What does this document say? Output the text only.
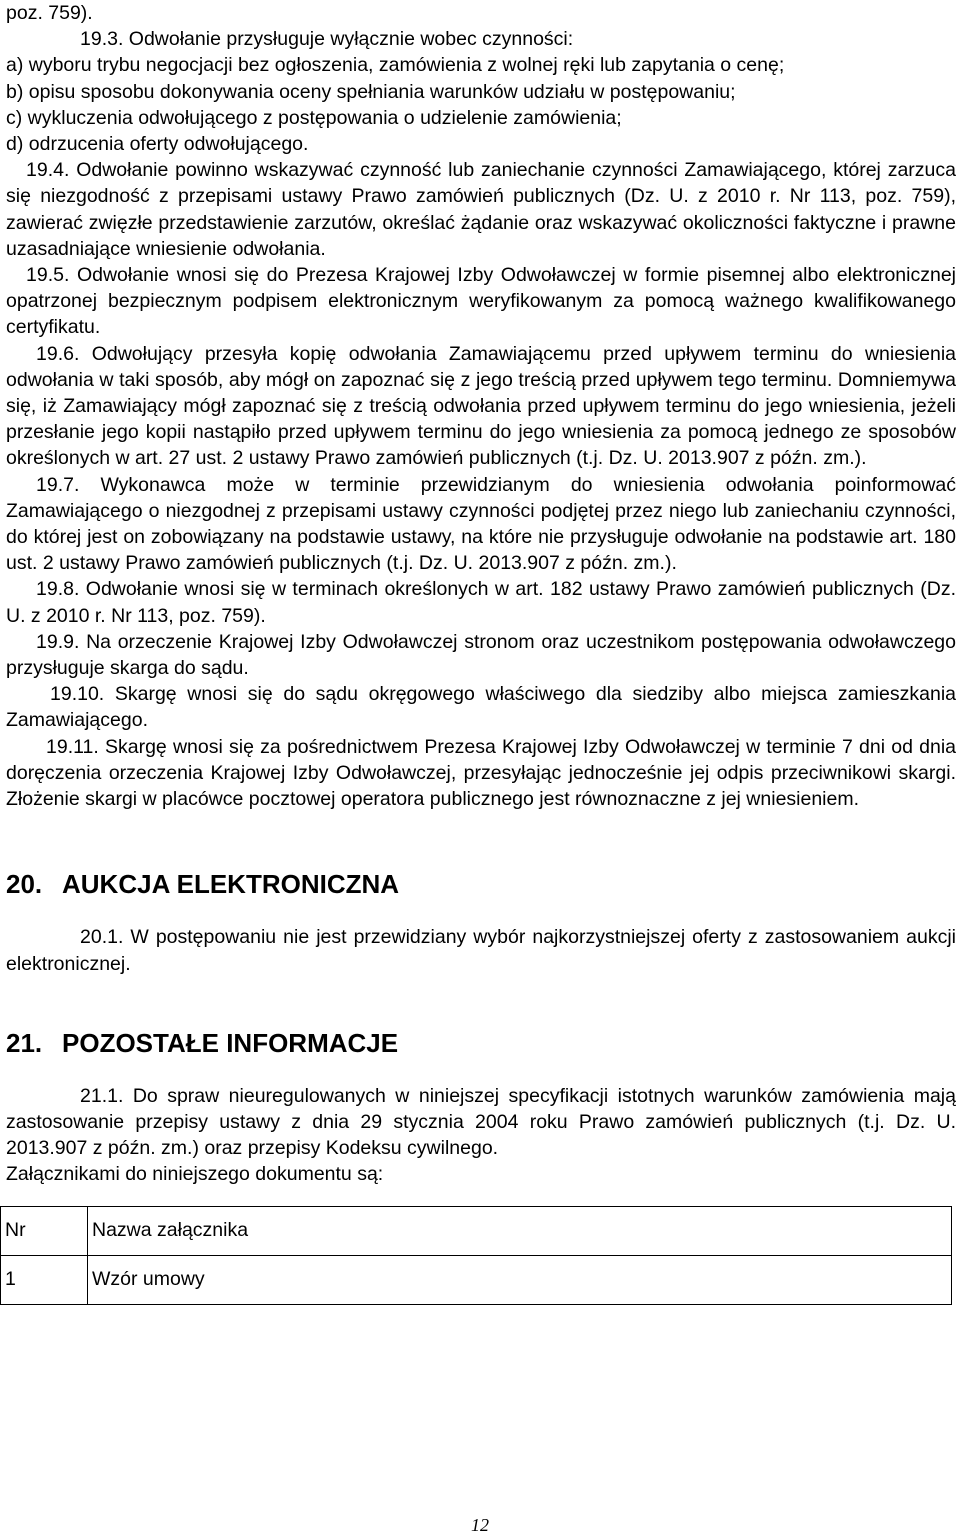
poz. 759).

19.3. Odwołanie przysługuje wyłącznie wobec czynności:

a) wyboru trybu negocjacji bez ogłoszenia, zamówienia z wolnej ręki lub zapytania o cenę;

b) opisu sposobu dokonywania oceny spełniania warunków udziału w postępowaniu;

c) wykluczenia odwołującego z postępowania o udzielenie zamówienia;

d) odrzucenia oferty odwołującego.

19.4. Odwołanie powinno wskazywać czynność lub zaniechanie czynności Zamawiającego, której zarzuca się niezgodność z przepisami ustawy Prawo zamówień publicznych (Dz. U. z 2010 r. Nr 113, poz. 759), zawierać zwięzłe przedstawienie zarzutów, określać żądanie oraz wskazywać okoliczności faktyczne i prawne uzasadniające wniesienie odwołania.

19.5. Odwołanie wnosi się do Prezesa Krajowej Izby Odwoławczej w formie pisemnej albo elektronicznej opatrzonej bezpiecznym podpisem elektronicznym weryfikowanym za pomocą ważnego kwalifikowanego certyfikatu.

19.6. Odwołujący przesyła kopię odwołania Zamawiającemu przed upływem terminu do wniesienia odwołania w taki sposób, aby mógł on zapoznać się z jego treścią przed upływem tego terminu. Domniemywa się, iż Zamawiający mógł zapoznać się z treścią odwołania przed upływem terminu do jego wniesienia, jeżeli przesłanie jego kopii nastąpiło przed upływem terminu do jego wniesienia za pomocą jednego ze sposobów określonych w art. 27 ust. 2 ustawy Prawo zamówień publicznych (t.j. Dz. U. 2013.907 z późn. zm.).

19.7. Wykonawca może w terminie przewidzianym do wniesienia odwołania poinformować Zamawiającego o niezgodnej z przepisami ustawy czynności podjętej przez niego lub zaniechaniu czynności, do której jest on zobowiązany na podstawie ustawy, na które nie przysługuje odwołanie na podstawie art. 180 ust. 2 ustawy Prawo zamówień publicznych (t.j. Dz. U. 2013.907 z późn. zm.).

19.8. Odwołanie wnosi się w terminach określonych w art. 182 ustawy Prawo zamówień publicznych (Dz. U. z 2010 r. Nr 113, poz. 759).

19.9. Na orzeczenie Krajowej Izby Odwoławczej stronom oraz uczestnikom postępowania odwoławczego przysługuje skarga do sądu.

19.10. Skargę wnosi się do sądu okręgowego właściwego dla siedziby albo miejsca zamieszkania Zamawiającego.

19.11. Skargę wnosi się za pośrednictwem Prezesa Krajowej Izby Odwoławczej w terminie 7 dni od dnia doręczenia orzeczenia Krajowej Izby Odwoławczej, przesyłając jednocześnie jej odpis przeciwnikowi skargi. Złożenie skargi w placówce pocztowej operatora publicznego jest równoznaczne z jej wniesieniem.

20. AUKCJA ELEKTRONICZNA

20.1. W postępowaniu nie jest przewidziany wybór najkorzystniejszej oferty z zastosowaniem aukcji elektronicznej.

21. POZOSTAŁE INFORMACJE

21.1. Do spraw nieuregulowanych w niniejszej specyfikacji istotnych warunków zamówienia mają zastosowanie przepisy ustawy z dnia 29 stycznia 2004 roku Prawo zamówień publicznych (t.j. Dz. U. 2013.907 z późn. zm.) oraz przepisy Kodeksu cywilnego.

Załącznikami do niniejszego dokumentu są:

Nr	Nazwa załącznika
1	Wzór umowy
12
